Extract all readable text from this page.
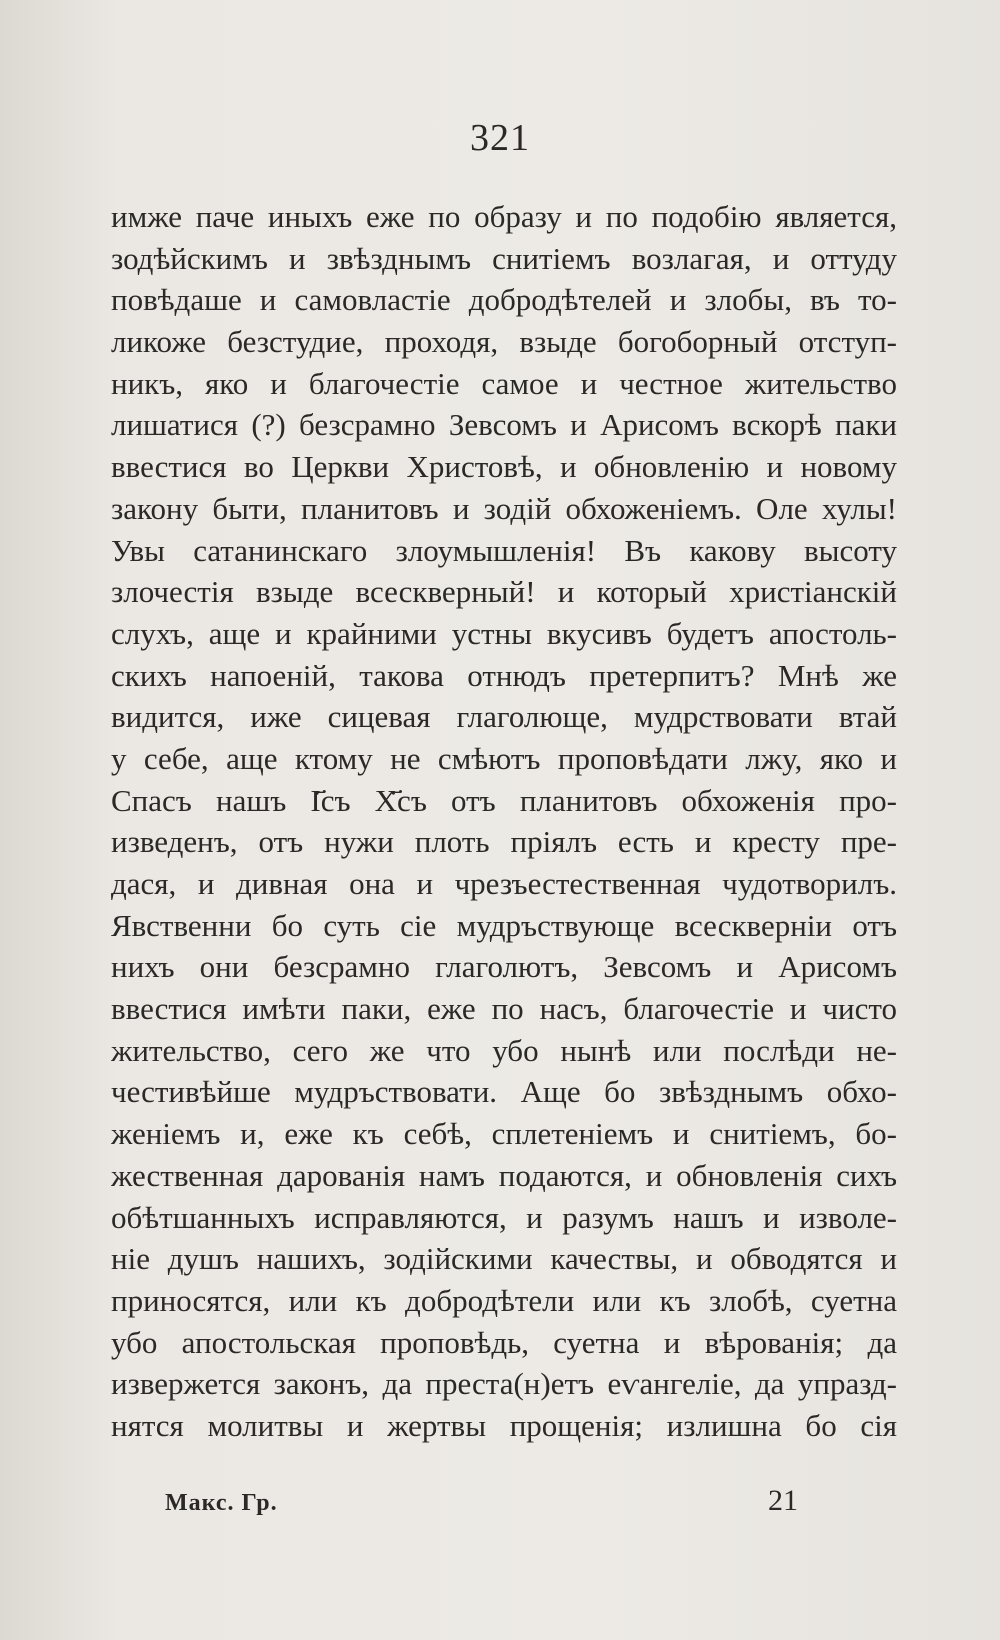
321
имже паче иныхъ еже по образу и по подобію является,
зодѣйскимъ и звѣзднымъ снитіемъ возлагая, и оттуду
повѣдаше и самовластіе добродѣтелей и злобы, въ то-
ликоже безстудие, проходя, взыде богоборный отступ-
никъ, яко и благочестіе самое и честное жительство
лишатися (?) безсрамно Зевсомъ и Арисомъ вскорѣ паки
ввестися во Церкви Христовѣ, и обновленію и новому
закону быти, планитовъ и зодій обхоженіемъ. Оле хулы!
Увы сатанинскаго злоумышленія! Въ какову высоту
злочестія взыде всескверный! и который христіанскій
слухъ, аще и крайними устны вкусивъ будетъ апостоль-
скихъ напоеній, такова отнюдъ претерпитъ? Мнѣ же
видится, иже сицевая глаголюще, мудрствовати втай
у себе, аще ктому не смѣютъ проповѣдати лжу, яко и
Спасъ нашъ І҃съ Х҃съ отъ планитовъ обхоженія про-
изведенъ, отъ нужи плоть пріялъ есть и кресту пре-
дася, и дивная она и чрезъестественная чудотворилъ.
Явственни бо суть сіе мудръствующе всескверніи отъ
нихъ они безсрамно глаголютъ, Зевсомъ и Арисомъ
ввестися имѣти паки, еже по насъ, благочестіе и чисто
жительство, сего же что убо нынѣ или послѣди не-
честивѣйше мудръствовати. Аще бо звѣзднымъ обхо-
женіемъ и, еже къ себѣ, сплетеніемъ и снитіемъ, бо-
жественная дарованія намъ подаются, и обновленія сихъ
обѣтшанныхъ исправляются, и разумъ нашъ и изволе-
ніе душъ нашихъ, зодійскими качествы, и обводятся и
приносятся, или къ добродѣтели или къ злобѣ, суетна
убо апостольская проповѣдь, суетна и вѣрованія; да
извержется законъ, да преста(н)етъ еѵангеліе, да упразд-
нятся молитвы и жертвы прощенія; излишна бо сія
Макс. Гр.	21
